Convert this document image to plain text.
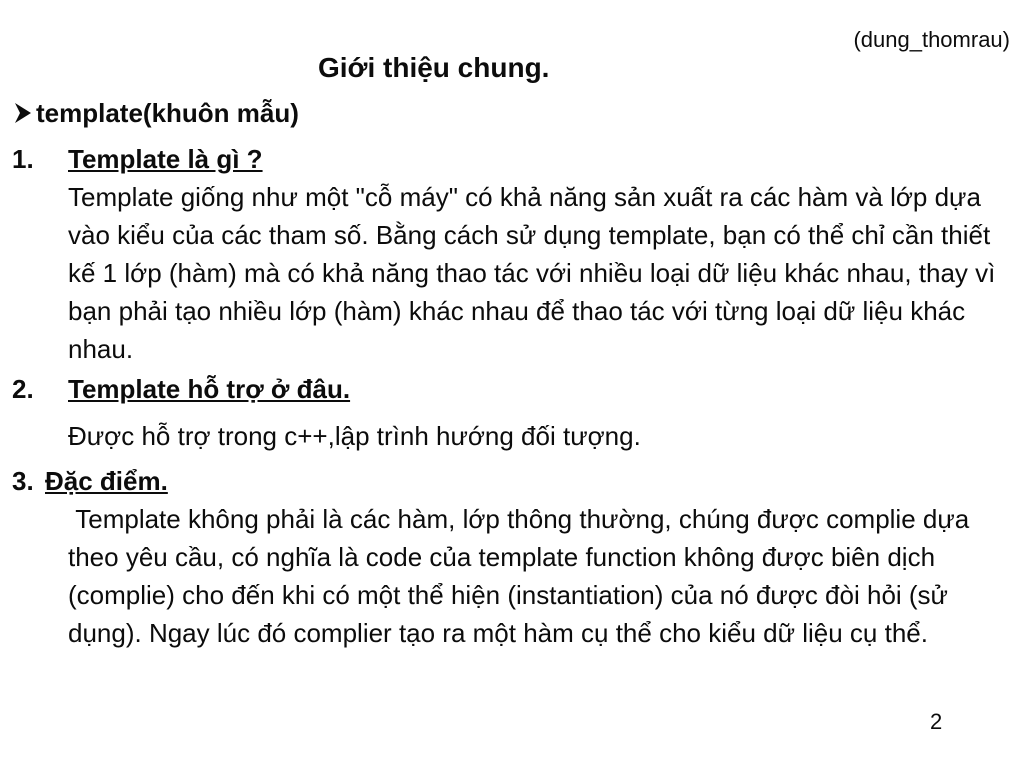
(dung_thomrau)
Giới thiệu chung.
template(khuôn mẫu)
1. Template là gì ?
Template giống như một "cỗ máy" có khả năng sản xuất ra các hàm và lớp dựa vào kiểu của các tham số. Bằng cách sử dụng template, bạn có thể chỉ cần thiết kế 1 lớp (hàm) mà có khả năng thao tác với nhiều loại dữ liệu khác nhau, thay vì bạn phải tạo nhiều lớp (hàm) khác nhau để thao tác với từng loại dữ liệu khác nhau.
2. Template hỗ trợ ở đâu.
Được hỗ trợ trong c++,lập trình hướng đối tượng.
3. Đặc điểm.
Template không phải là các hàm, lớp thông thường, chúng được complie dựa theo yêu cầu, có nghĩa là code của template function không được biên dịch (complie) cho đến khi có một thể hiện (instantiation) của nó được đòi hỏi (sử dụng). Ngay lúc đó complier tạo ra một hàm cụ thể cho kiểu dữ liệu cụ thể.
2
